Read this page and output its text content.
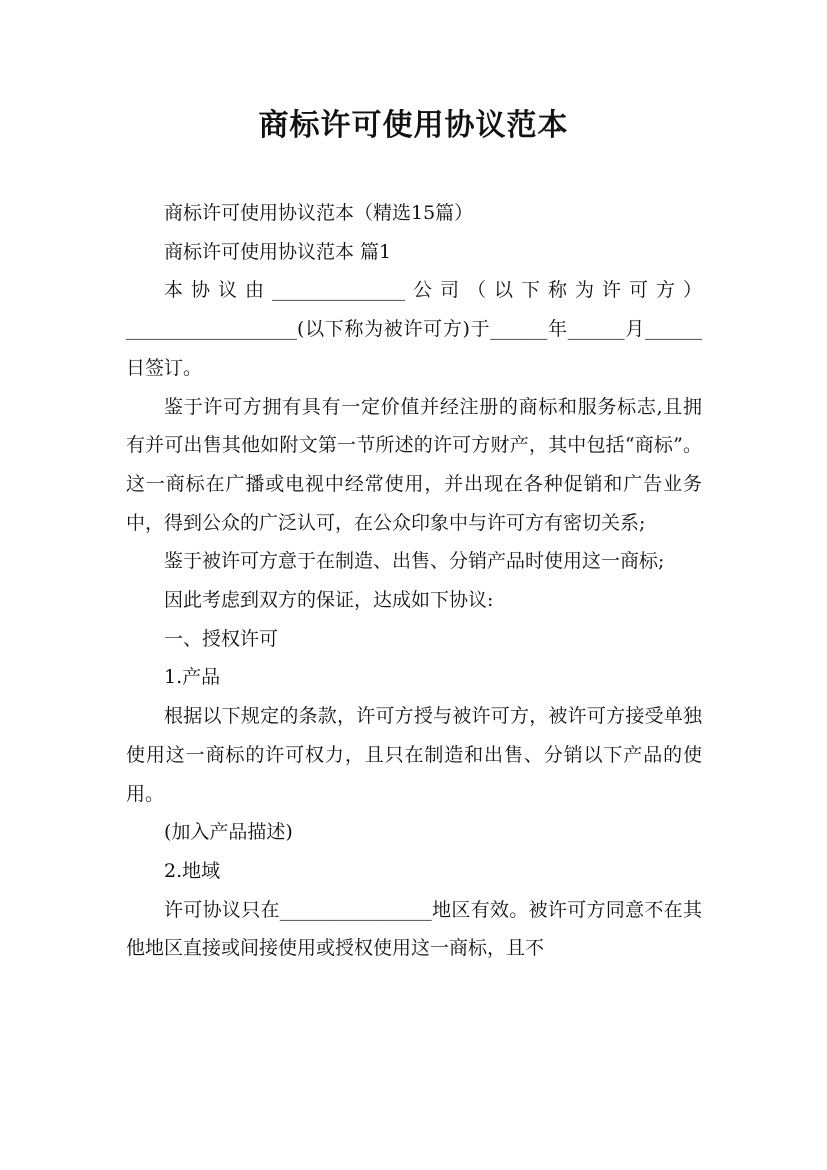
商标许可使用协议范本

商标许可使用协议范本（精选15篇）

商标许可使用协议范本 篇1

本协议由______________公司（以下称为许可方）__________________(以下称为被许可方)于______年______月______日签订。

鉴于许可方拥有具有一定价值并经注册的商标和服务标志,且拥有并可出售其他如附文第一节所述的许可方财产，其中包括“商标”。这一商标在广播或电视中经常使用，并出现在各种促销和广告业务中，得到公众的广泛认可，在公众印象中与许可方有密切关系;

鉴于被许可方意于在制造、出售、分销产品时使用这一商标;

因此考虑到双方的保证，达成如下协议:

一、授权许可

1.产品

根据以下规定的条款，许可方授与被许可方，被许可方接受单独使用这一商标的许可权力，且只在制造和出售、分销以下产品的使用。

(加入产品描述)

2.地域

许可协议只在________________地区有效。被许可方同意不在其他地区直接或间接使用或授权使用这一商标，且不
